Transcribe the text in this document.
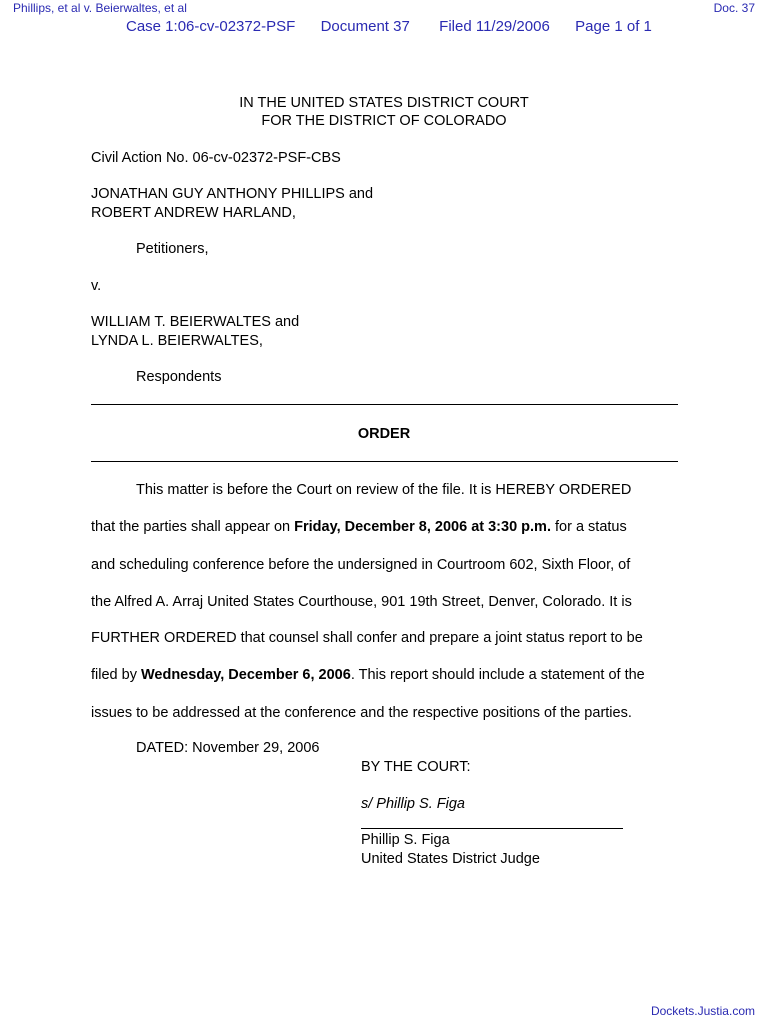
Phillips, et al v. Beierwaltes, et al	Doc. 37
Case 1:06-cv-02372-PSF Document 37 Filed 11/29/2006 Page 1 of 1
IN THE UNITED STATES DISTRICT COURT
FOR THE DISTRICT OF COLORADO
Civil Action No. 06-cv-02372-PSF-CBS
JONATHAN GUY ANTHONY PHILLIPS and
ROBERT ANDREW HARLAND,
Petitioners,
v.
WILLIAM T. BEIERWALTES and
LYNDA L. BEIERWALTES,
Respondents
ORDER
This matter is before the Court on review of the file. It is HEREBY ORDERED
that the parties shall appear on Friday, December 8, 2006 at 3:30 p.m. for a status
and scheduling conference before the undersigned in Courtroom 602, Sixth Floor, of
the Alfred A. Arraj United States Courthouse, 901 19th Street, Denver, Colorado. It is
FURTHER ORDERED that counsel shall confer and prepare a joint status report to be
filed by Wednesday, December 6, 2006. This report should include a statement of the
issues to be addressed at the conference and the respective positions of the parties.
DATED: November 29, 2006
BY THE COURT:
s/ Phillip S. Figa
Phillip S. Figa
United States District Judge
Dockets.Justia.com
